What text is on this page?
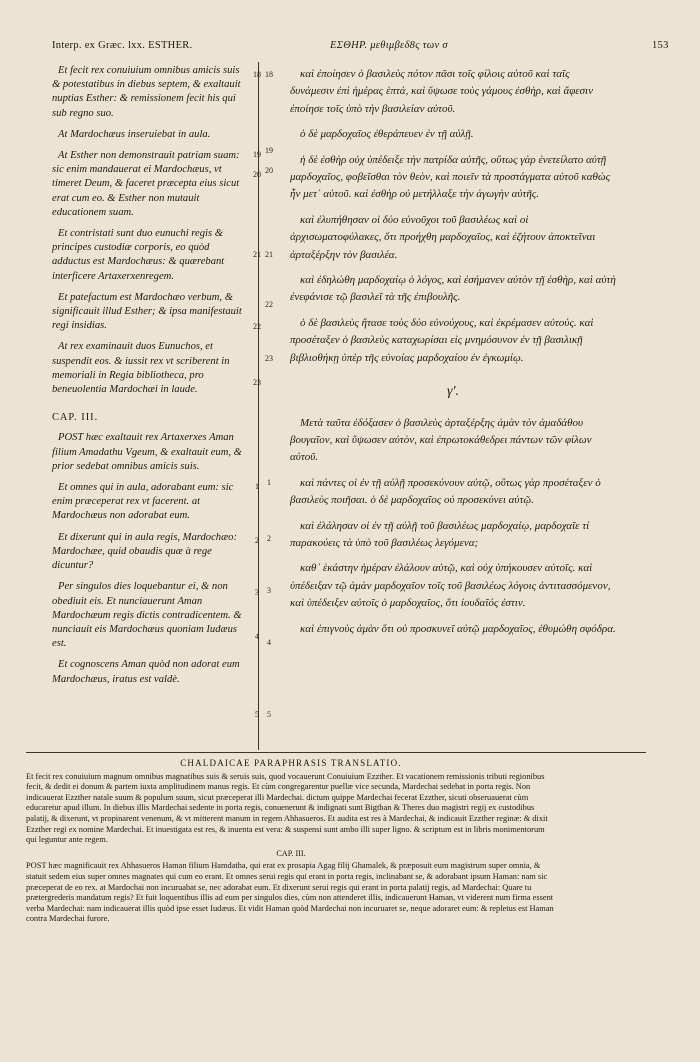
Interp. ex Græc. lxx. ESTHER.	ΕΣΘΗΡ. μεθιμβεδ8ς των σ	153
Et fecit rex conuiuium omnibus amicis suis & potestatibus in diebus septem, & exaltauit nuptias Esther: & remissionem fecit his qui sub regno suo.
At Mardochæus inseruiebat in aula.
At Esther non demonstrauit patriam suam: sic enim mandauerat ei Mardochæus, vt timeret Deum, & faceret præcepta eius sicut erat cum eo. & Esther non mutauit educationem suam.
Et contristati sunt duo eunuchi regis & principes custodiæ corporis, eo quòd adductus est Mardochæus: & quærebant interficere Artaxerxenregem.
Et patefactum est Mardochæo verbum, & significauit illud Esther; & ipsa manifestauit regi insidias.
At rex examinauit duos Eunuchos, et suspendit eos. & iussit rex vt scriberent in memoriali in Regia bibliotheca, pro beneuolentia Mardochæi in laude.
CAP. III.
POST hæc exaltauit rex Artaxerxes Aman filium Amadathu Vgeum, & exaltauit eum, & prior sedebat omnibus amicis suis.
Et omnes qui in aula, adorabant eum: sic enim præceperat rex vt facerent. at Mardochæus non adorabat eum.
Et dixerunt qui in aula regis, Mardochæo: Mardochæe, quid obaudis quæ à rege dicuntur?
Per singulos dies loquebantur ei, & non obediuit eis. Et nunciauerunt Aman Mardochæum regis dictis contradicentem. & nunciauit eis Mardochæus quoniam Iudæus est.
Et cognoscens Aman quòd non adorat eum Mardochæus, iratus est valdè.
18
19
20
21
22
23
1
2
3
4
5
18
19
20
21
22
23
1
2
3
4
5
καὶ ἐποίησεν ὁ βασιλεὺς πότον πᾶσι τοῖς φίλοις αὐτοῦ καὶ ταῖς δυνάμεσιν ἐπὶ ἡμέρας ἑπτά, καὶ ὕψωσε τοὺς γάμους ἐσθὴρ, καὶ ἄφεσιν ἐποίησε τοῖς ὑπὸ τὴν βασιλείαν αὐτοῦ.
ὁ δὲ μαρδοχαῖος ἐθεράπευεν ἐν τῇ αὐλῇ.
ἡ δὲ ἐσθὴρ οὐχ ὑπέδειξε τὴν πατρίδα αὐτῆς, οὕτως γὰρ ἐνετείλατο αὐτῇ μαρδοχαῖος, φοβεῖσθαι τὸν θεὸν, καὶ ποιεῖν τὰ προστάγματα αὐτοῦ καθὼς ἦν μετ᾽ αὐτοῦ. καὶ ἐσθὴρ οὐ μετήλλαξε τὴν ἀγωγὴν αὐτῆς.
καὶ ἐλυπήθησαν οἱ δύο εὐνοῦχοι τοῦ βασιλέως καὶ οἱ ἀρχισωματοφύλακες, ὅτι προήχθη μαρδοχαῖος, καὶ ἐζήτουν ἀποκτεῖναι ἀρταξέρξην τὸν βασιλέα.
καὶ ἐδηλώθη μαρδοχαίῳ ὁ λόγος, καὶ ἐσήμανεν αὐτὸν τῇ ἐσθὴρ, καὶ αὐτὴ ἐνεφάνισε τῷ βασιλεῖ τὰ τῆς ἐπιβουλῆς.
ὁ δὲ βασιλεὺς ἤτασε τοὺς δύο εὐνούχους, καὶ ἐκρέμασεν αὐτούς. καὶ προσέταξεν ὁ βασιλεὺς καταχωρίσαι εἰς μνημόσυνον ἐν τῇ βασιλικῇ βιβλιοθήκῃ ὑπὲρ τῆς εὐνοίας μαρδοχαίου ἐν ἐγκωμίῳ.
γ'.
Μετὰ ταῦτα ἐδόξασεν ὁ βασιλεὺς ἀρταξέρξης ἀμὰν τὸν ἀμαδάθου βουγαῖον, καὶ ὕψωσεν αὐτὸν, καὶ ἐπρωτοκάθεδρει πάντων τῶν φίλων αὐτοῦ.
καὶ πάντες οἱ ἐν τῇ αὐλῇ προσεκύνουν αὐτῷ, οὕτως γὰρ προσέταξεν ὁ βασιλεὺς ποιῆσαι. ὁ δὲ μαρδοχαῖος οὐ προσεκύνει αὐτῷ.
καὶ ἐλάλησαν οἱ ἐν τῇ αὐλῇ τοῦ βασιλέως μαρδοχαίῳ, μαρδοχαῖε τί παρακούεις τὰ ὑπὸ τοῦ βασιλέως λεγόμενα;
καθ᾽ ἑκάστην ἡμέραν ἐλάλουν αὐτῷ, καὶ οὐχ ὑπήκουσεν αὐτοῖς. καὶ ὑπέδειξαν τῷ ἀμὰν μαρδοχαῖον τοῖς τοῦ βασιλέως λόγοις ἀντιτασσόμενον, καὶ ὑπέδειξεν αὐτοῖς ὁ μαρδοχαῖος, ὅτι ἰουδαῖός ἐστιν.
καὶ ἐπιγνοὺς ἀμὰν ὅτι οὐ προσκυνεῖ αὐτῷ μαρδοχαῖος, ἐθυμώθη σφόδρα.
CHALDAICAE PARAPHRASIS TRANSLATIO.

Et fecit rex conuiuium magnum omnibus magnatibus suis & seruis suis, quod vocauerunt Conuiuium Ezzther. Et vacationem remissionis tributi regionibus fecit, & dedit ei donum & partem iuxta amplitudinem manus regis. Et cùm congregarentur puellæ vice secunda, Mardechai sedebat in porta regis. Non indicauerat Ezzther natale suum & populum suum, sicut præceperat illi Mardechai. dictum quippe Mardechai fecerat Ezzther, sicuti obseruauerat cùm educaretur apud illum. In diebus illis Mardechai sedente in porta regis, conuenerunt & indignati sunt Bigthan & Theres duo magistri regij ex custodibus palatij, & dixerunt, vt propinarent venenum, & vt mitterent manum in regem Ahhasueros. Et audita est res à Mardechai, & indicauit Ezzther reginæ: & dixit Ezzther regi ex nomine Mardechai. Et inuestigata est res, & inuenta est vera: & suspensi sunt ambo illi super ligno. & scriptum est in libris monimentorum qui leguntur ante regem.

CAP. III.

POST hæc magnificauit rex Ahhasueros Haman filium Hamdatha, qui erat ex prosapia Agag filij Ghamalek, & præposuit eum magistrum super omnia, & statuit sedem eius super omnes magnates qui cum eo erant. Et omnes serui regis qui erant in porta regis, inclinabant se, & adorabant ipsum Haman: nam sic præceperat de eo rex. at Mardochai non incuruabat se, nec adorabat eum. Et dixerunt serui regis qui erant in porta palatij regis, ad Mardechai: Quare tu prætergrederis mandatum regis? Et fuit loquentibus illis ad eum per singulos dies, cùm non attenderet illis, indicauerunt Haman, vt viderent num firma essent verba Mardechai: nam indicauerat illis quòd ipse esset Iudæus. Et vidit Haman quòd Mardechai non incuruaret se, neque adoraret eum: & repletus est Haman contra Mardechai furore.
